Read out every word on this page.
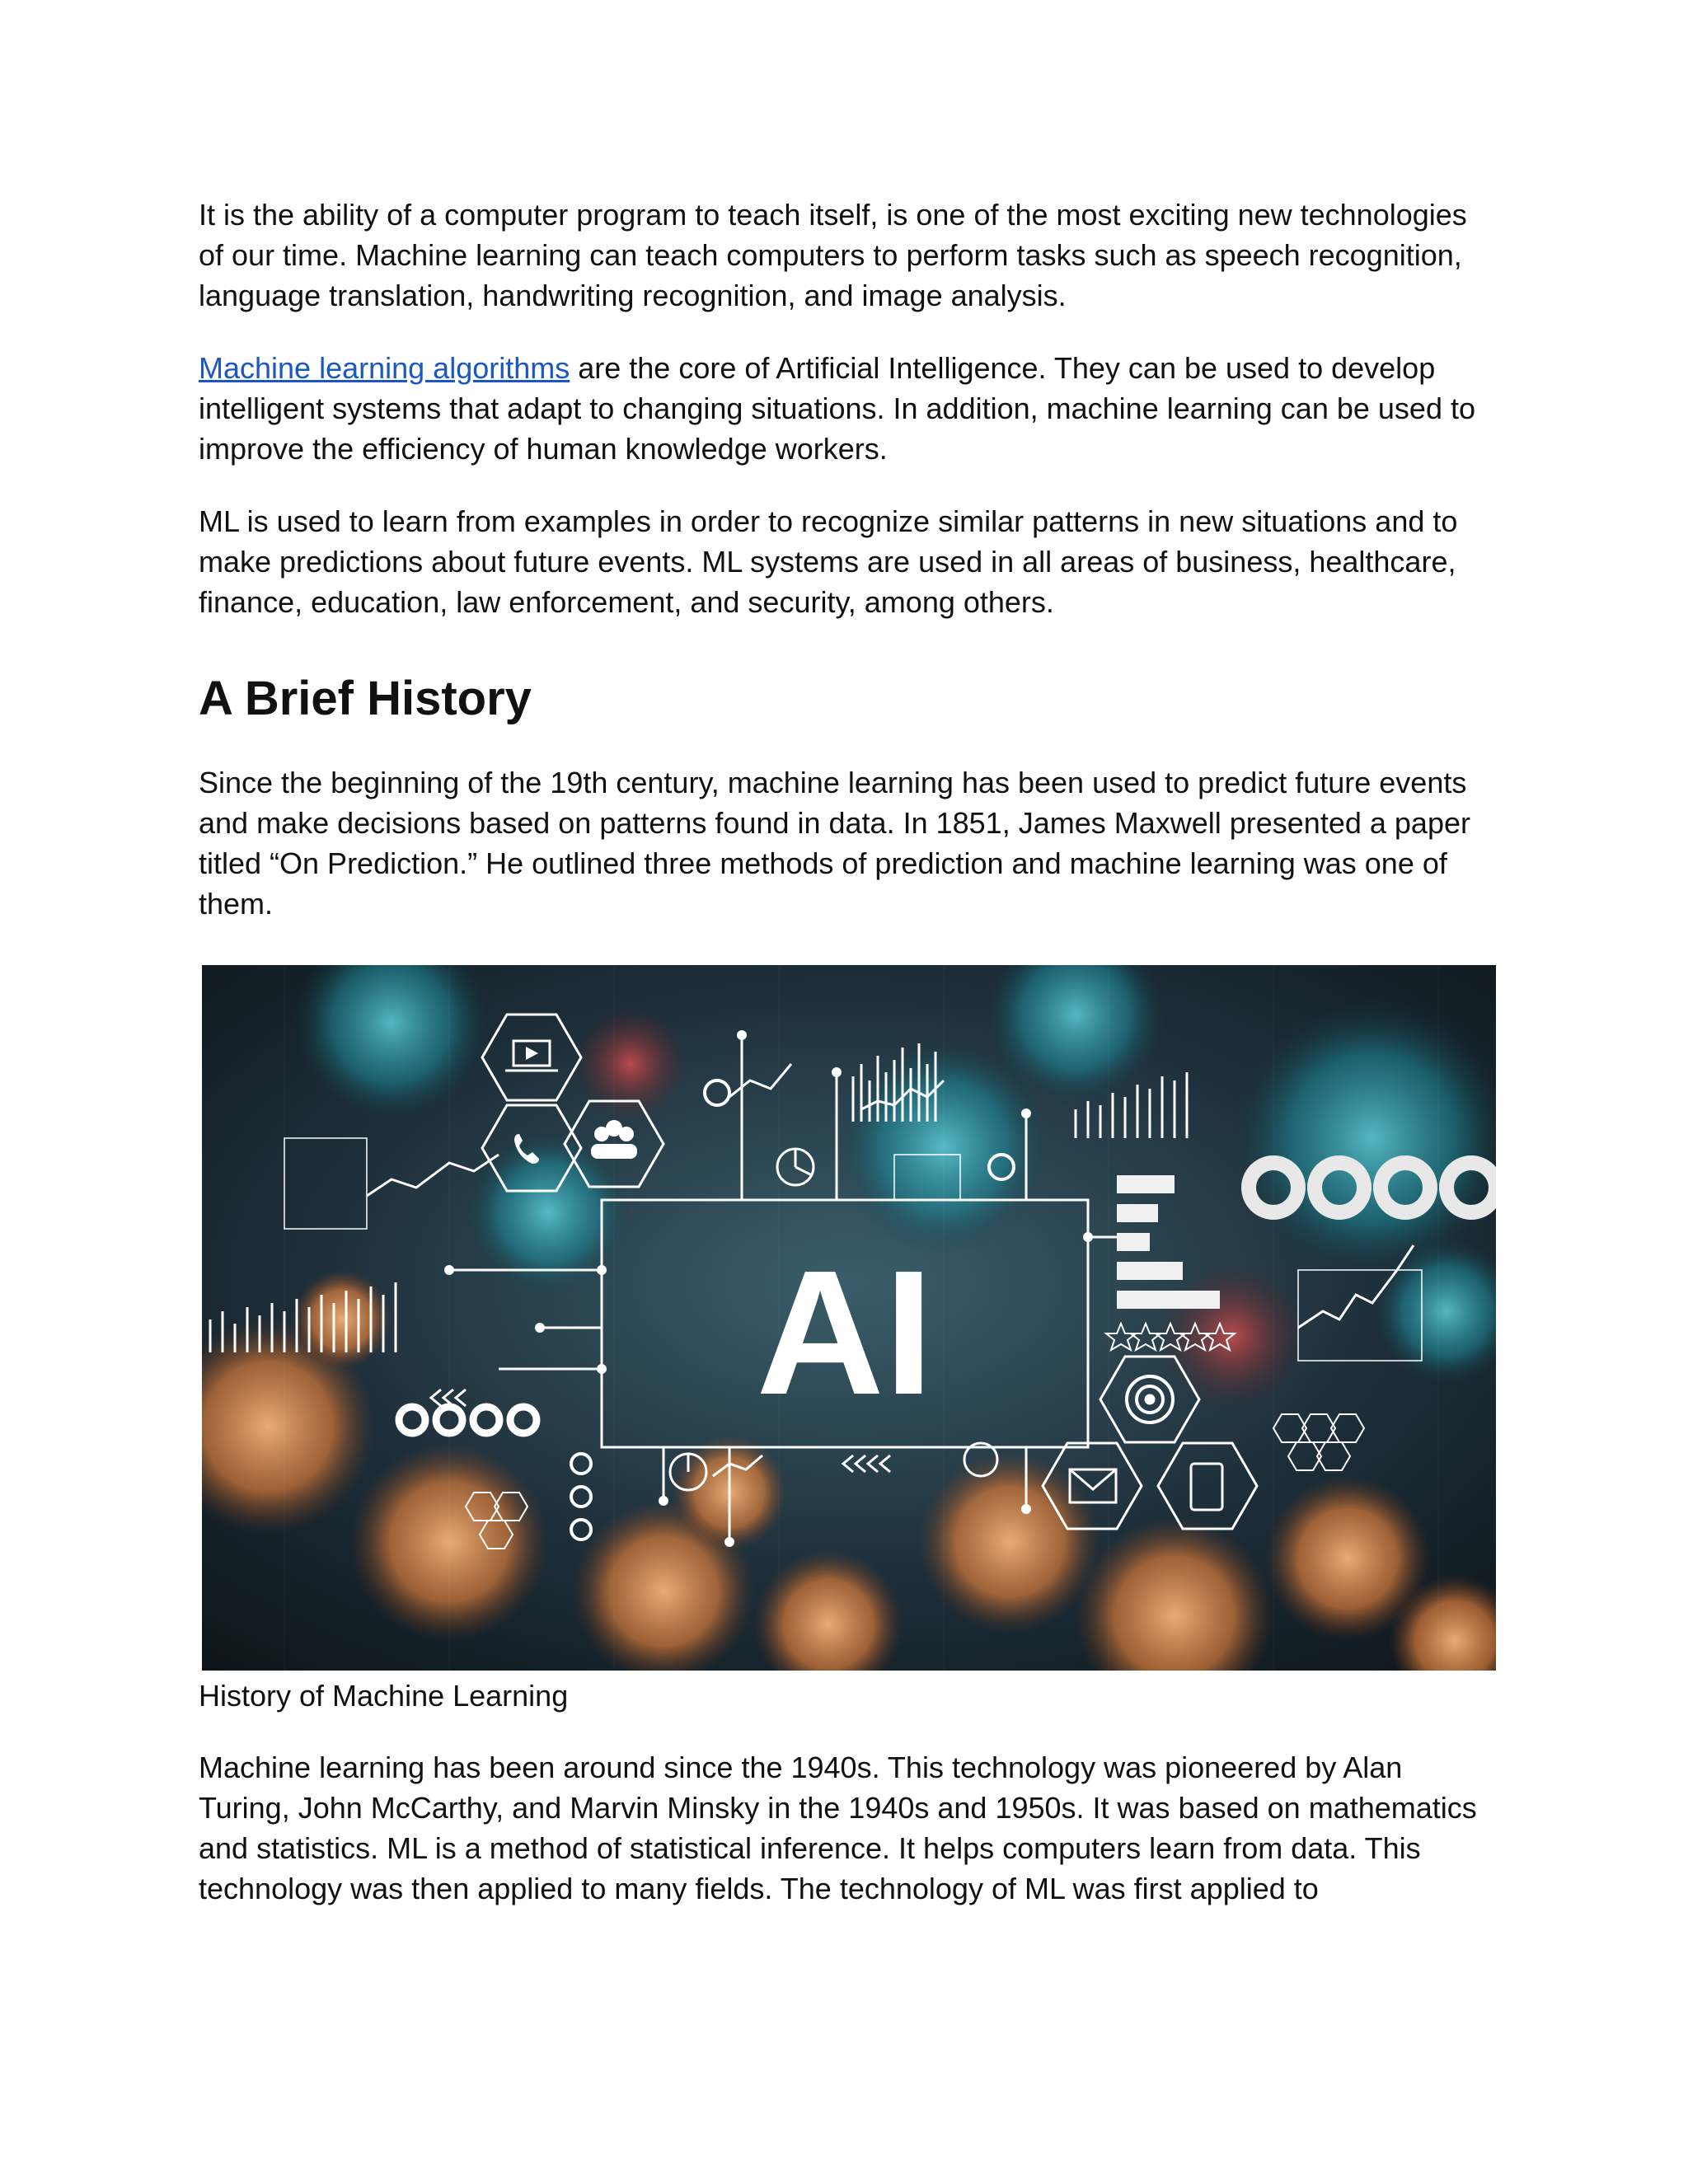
It is the ability of a computer program to teach itself, is one of the most exciting new technologies of our time. Machine learning can teach computers to perform tasks such as speech recognition, language translation, handwriting recognition, and image analysis.

Machine learning algorithms are the core of Artificial Intelligence. They can be used to develop intelligent systems that adapt to changing situations. In addition, machine learning can be used to improve the efficiency of human knowledge workers.

ML is used to learn from examples in order to recognize similar patterns in new situations and to make predictions about future events. ML systems are used in all areas of business, healthcare, finance, education, law enforcement, and security, among others.

A Brief History

Since the beginning of the 19th century, machine learning has been used to predict future events and make decisions based on patterns found in data. In 1851, James Maxwell presented a paper titled “On Prediction.” He outlined three methods of prediction and machine learning was one of them.

AI

History of Machine Learning

Machine learning has been around since the 1940s. This technology was pioneered by Alan Turing, John McCarthy, and Marvin Minsky in the 1940s and 1950s. It was based on mathematics and statistics. ML is a method of statistical inference. It helps computers learn from data. This technology was then applied to many fields. The technology of ML was first applied to
